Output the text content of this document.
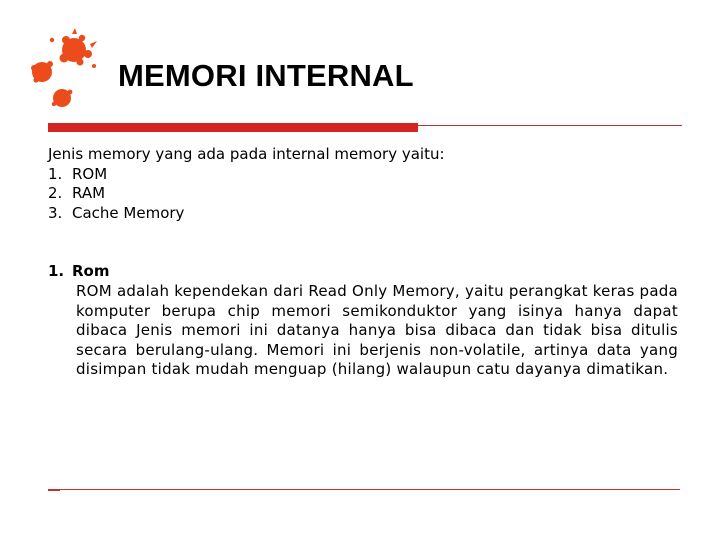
MEMORI INTERNAL

Jenis memory yang ada pada internal memory yaitu:

1. ROM
2. RAM
3. Cache Memory
1. Rom
ROM adalah kependekan dari Read Only Memory, yaitu perangkat keras pada komputer berupa chip memori semikonduktor yang isinya hanya dapat dibaca Jenis memori ini datanya hanya bisa dibaca dan tidak bisa ditulis secara berulang-ulang. Memori ini berjenis non-volatile, artinya data yang disimpan tidak mudah menguap (hilang) walaupun catu dayanya dimatikan.
